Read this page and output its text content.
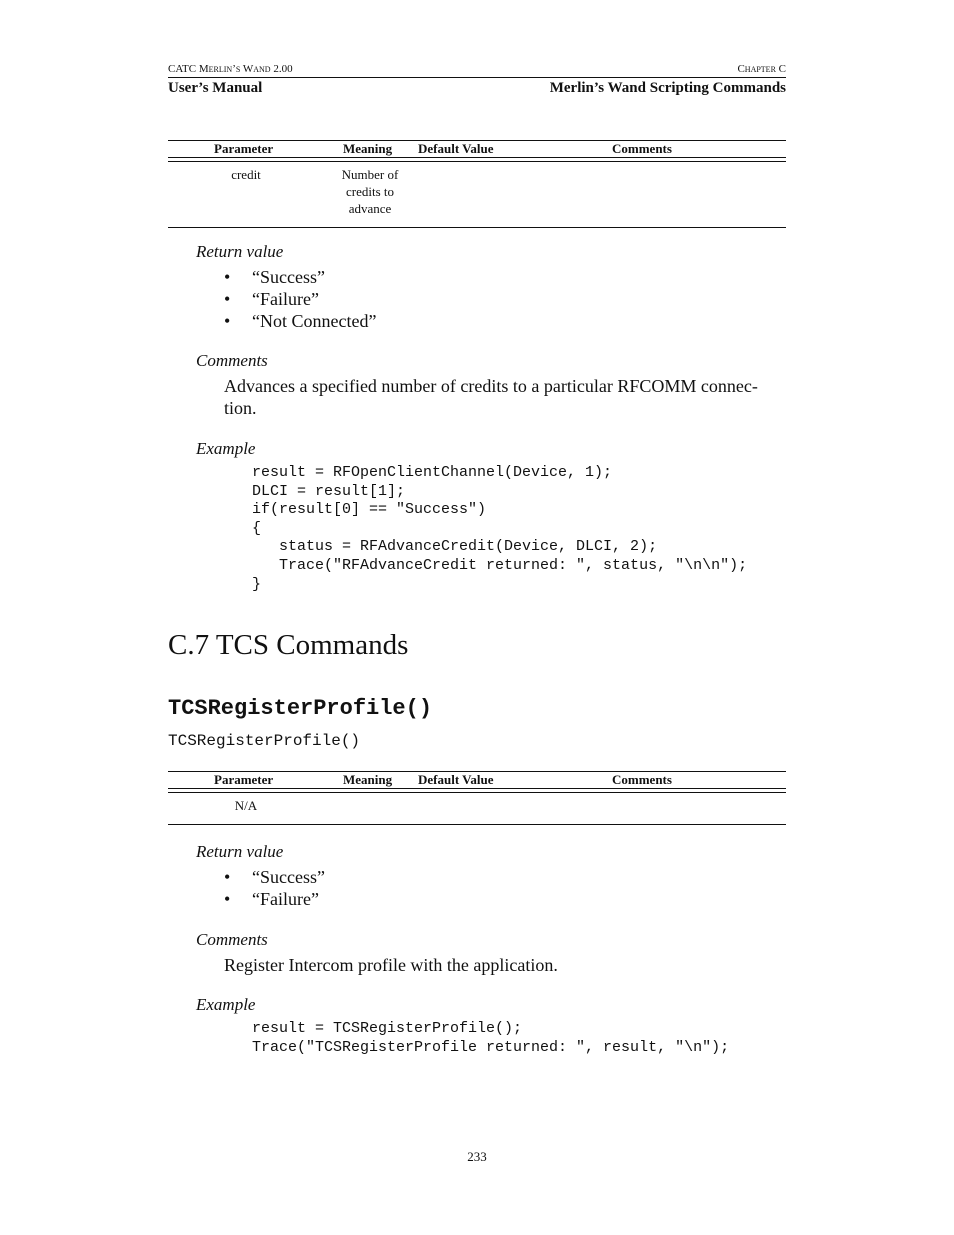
CATC Merlin’s Wand 2.00	Chapter C
User’s Manual	Merlin’s Wand Scripting Commands
Parameter	Meaning Default Value	Comments
credit	Number of
credits to
advance
Return value
• “Success”
• “Failure”
• “Not Connected”
Comments
Advances a specified number of credits to a particular RFCOMM connec-
tion.
Example
result = RFOpenClientChannel(Device, 1);
DLCI = result[1];
if(result[0] == "Success")
{
status = RFAdvanceCredit(Device, DLCI, 2);
Trace("RFAdvanceCredit returned: ", status, "\n\n");
}
C.7 TCS Commands
TCSRegisterProfile()
TCSRegisterProfile()
Parameter	Meaning Default Value	Comments
N/A
Return value
• “Success”
• “Failure”
Comments
Register Intercom profile with the application.
Example
result = TCSRegisterProfile();
Trace("TCSRegisterProfile returned: ", result, "\n");
233
